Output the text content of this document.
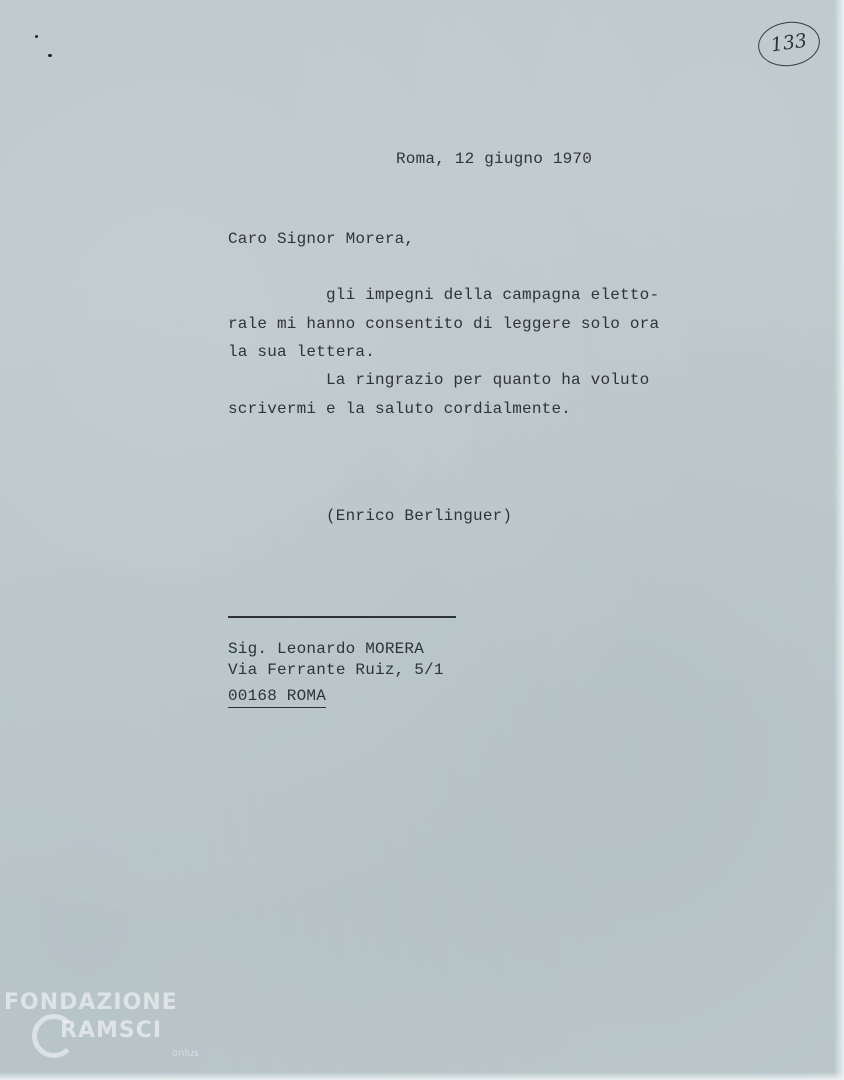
133
Roma, 12 giugno 1970
Caro Signor Morera,
gli impegni della campagna eletto-
rale mi hanno consentito di leggere solo ora
la sua lettera.
La ringrazio per quanto ha voluto
scrivermi e la saluto cordialmente.
(Enrico Berlinguer)
Sig. Leonardo MORERA
Via Ferrante Ruiz, 5/1
00168 ROMA
FONDAZIONE
RAMSCI
onlus
